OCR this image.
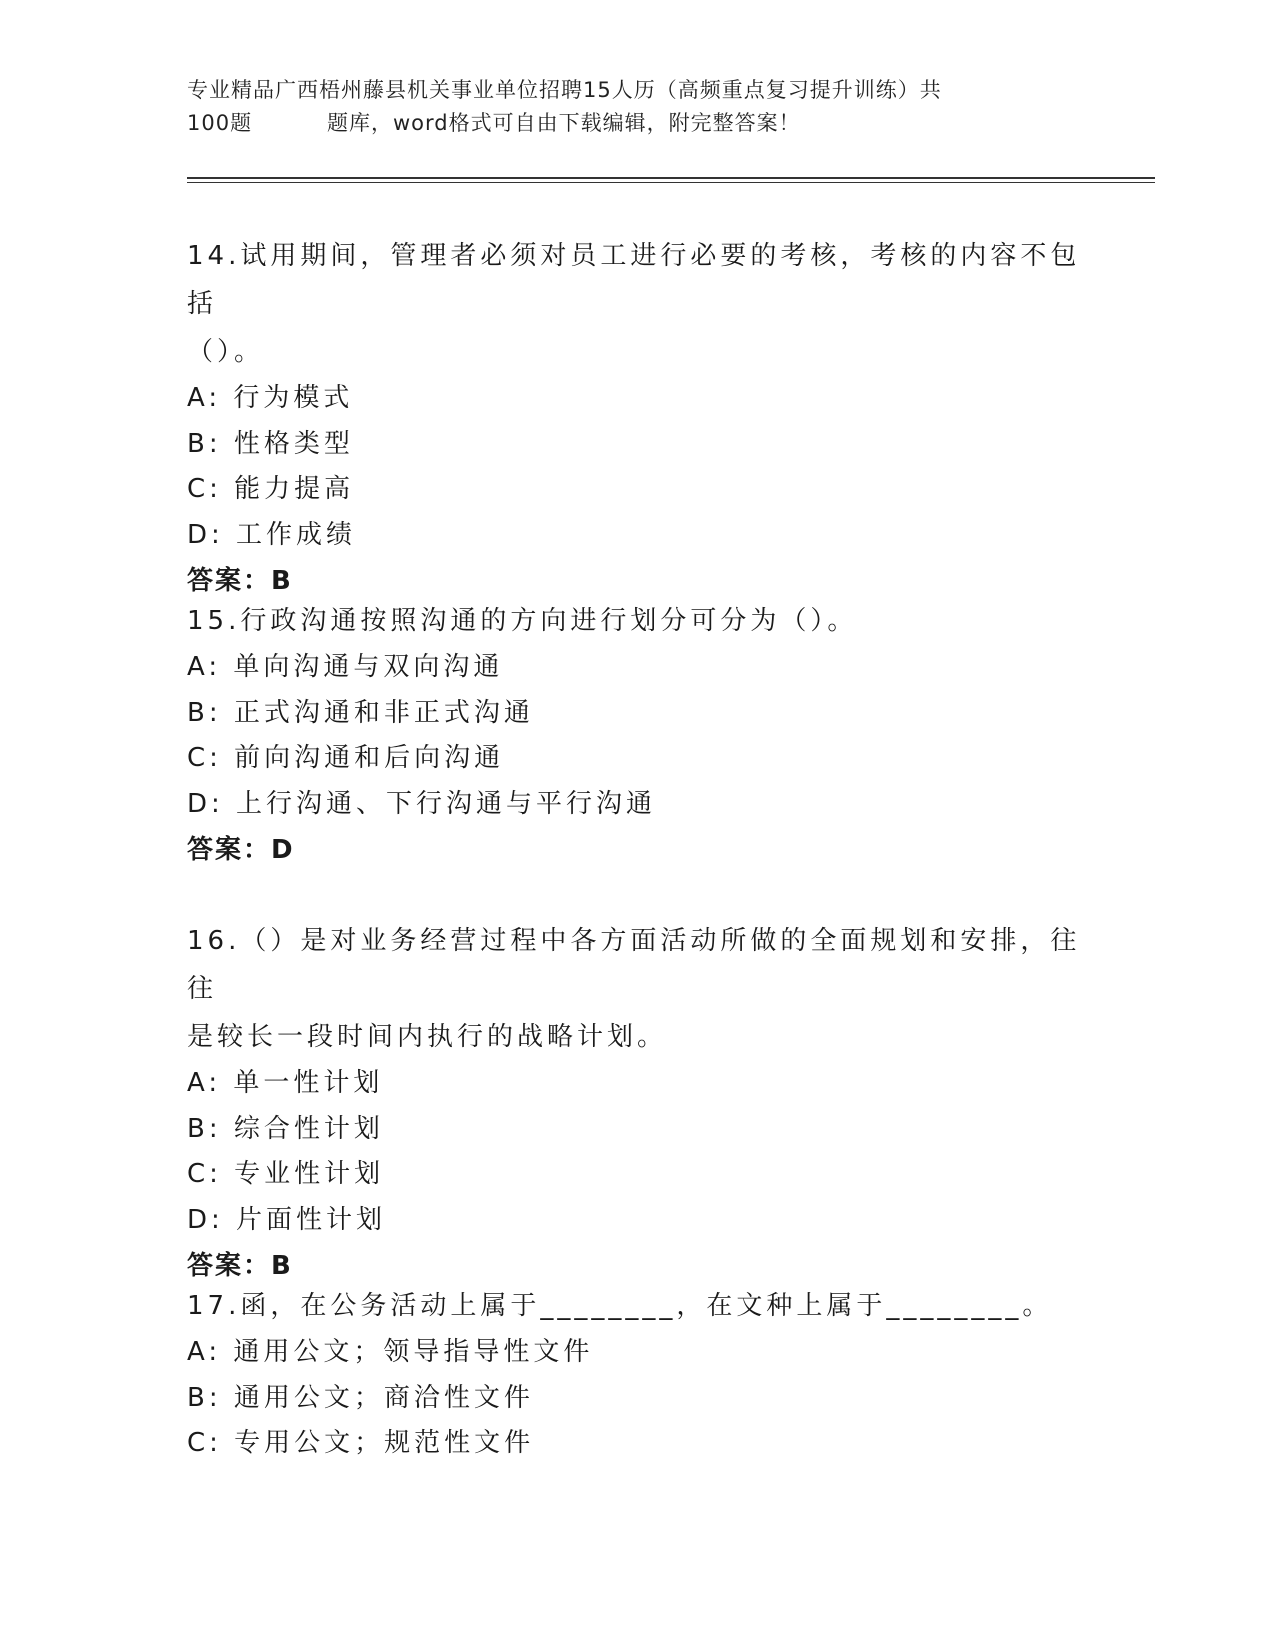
专业精品广西梧州藤县机关事业单位招聘15人历（高频重点复习提升训练）共
100题	题库，word格式可自由下载编辑，附完整答案！
14.试用期间，管理者必须对员工进行必要的考核，考核的内容不包括
（）。
A: 行为模式
B: 性格类型
C: 能力提高
D: 工作成绩
答案：B
15.行政沟通按照沟通的方向进行划分可分为（）。
A: 单向沟通与双向沟通
B: 正式沟通和非正式沟通
C: 前向沟通和后向沟通
D: 上行沟通、下行沟通与平行沟通
答案：D
16.（）是对业务经营过程中各方面活动所做的全面规划和安排，往往
是较长一段时间内执行的战略计划。
A: 单一性计划
B: 综合性计划
C: 专业性计划
D: 片面性计划
答案：B
17.函，在公务活动上属于________，在文种上属于________。
A: 通用公文；领导指导性文件
B: 通用公文；商洽性文件
C: 专用公文；规范性文件
